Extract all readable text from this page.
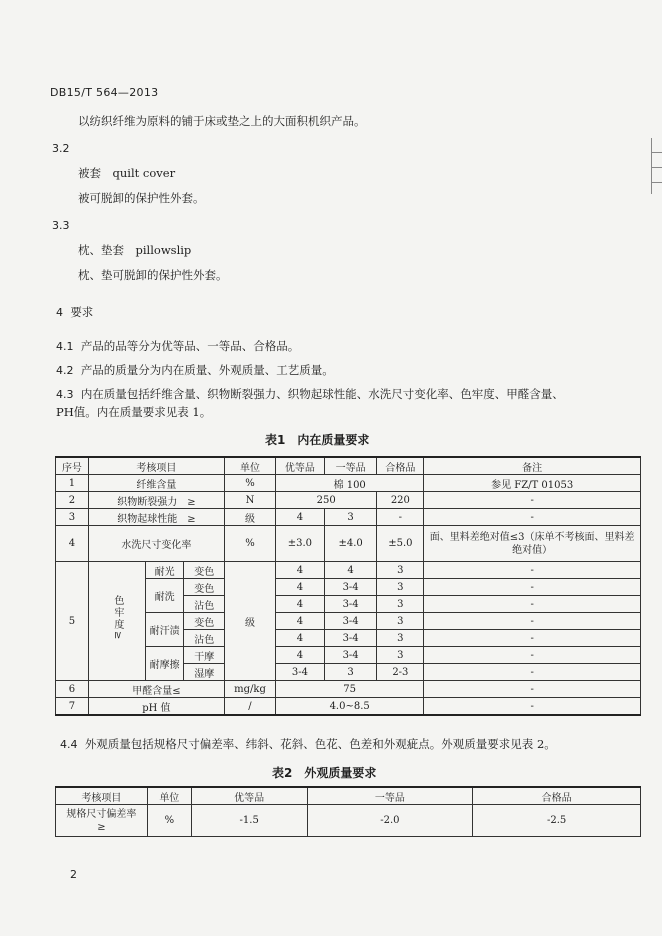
DB15/T 564—2013
以纺织纤维为原料的铺于床或垫之上的大面积机织产品。
3.2
被套　quilt cover
被可脱卸的保护性外套。
3.3
枕、垫套　pillowslip
枕、垫可脱卸的保护性外套。
4 要求
4.1 产品的品等分为优等品、一等品、合格品。
4.2 产品的质量分为内在质量、外观质量、工艺质量。
4.3 内在质量包括纤维含量、织物断裂强力、织物起球性能、水洗尺寸变化率、色牢度、甲醛含量、
PH值。内在质量要求见表 1。
表1　内在质量要求
序号	考核项目			单位	优等品	一等品	合格品	备注
1	纤维含量			%	棉 100			参见 FZ/T 01053
2	织物断裂强力　≥			N	250		220	-
3	织物起球性能　≥			级	4	3	-	-
4	水洗尺寸变化率			%	±3.0	±4.0	±5.0	面、里料差绝对值≤3（床单不考核面、里料差绝对值）
5	色牢度≥	耐光	变色	级	4	4	3	-
		耐洗	变色		4	3-4	3	-
			沾色		4	3-4	3	-
		耐汗渍	变色		4	3-4	3	-
			沾色		4	3-4	3	-
		耐摩擦	干摩		4	3-4	3	-
			湿摩		3-4	3	2-3	-
6	甲醛含量≤			mg/kg	75			-
7	pH 值			/	4.0~8.5			-
4.4 外观质量包括规格尺寸偏差率、纬斜、花斜、色花、色差和外观疵点。外观质量要求见表 2。
表2　外观质量要求
考核项目	单位	优等品	一等品	合格品
规格尺寸偏差率　≥	%	-1.5	-2.0	-2.5
2
